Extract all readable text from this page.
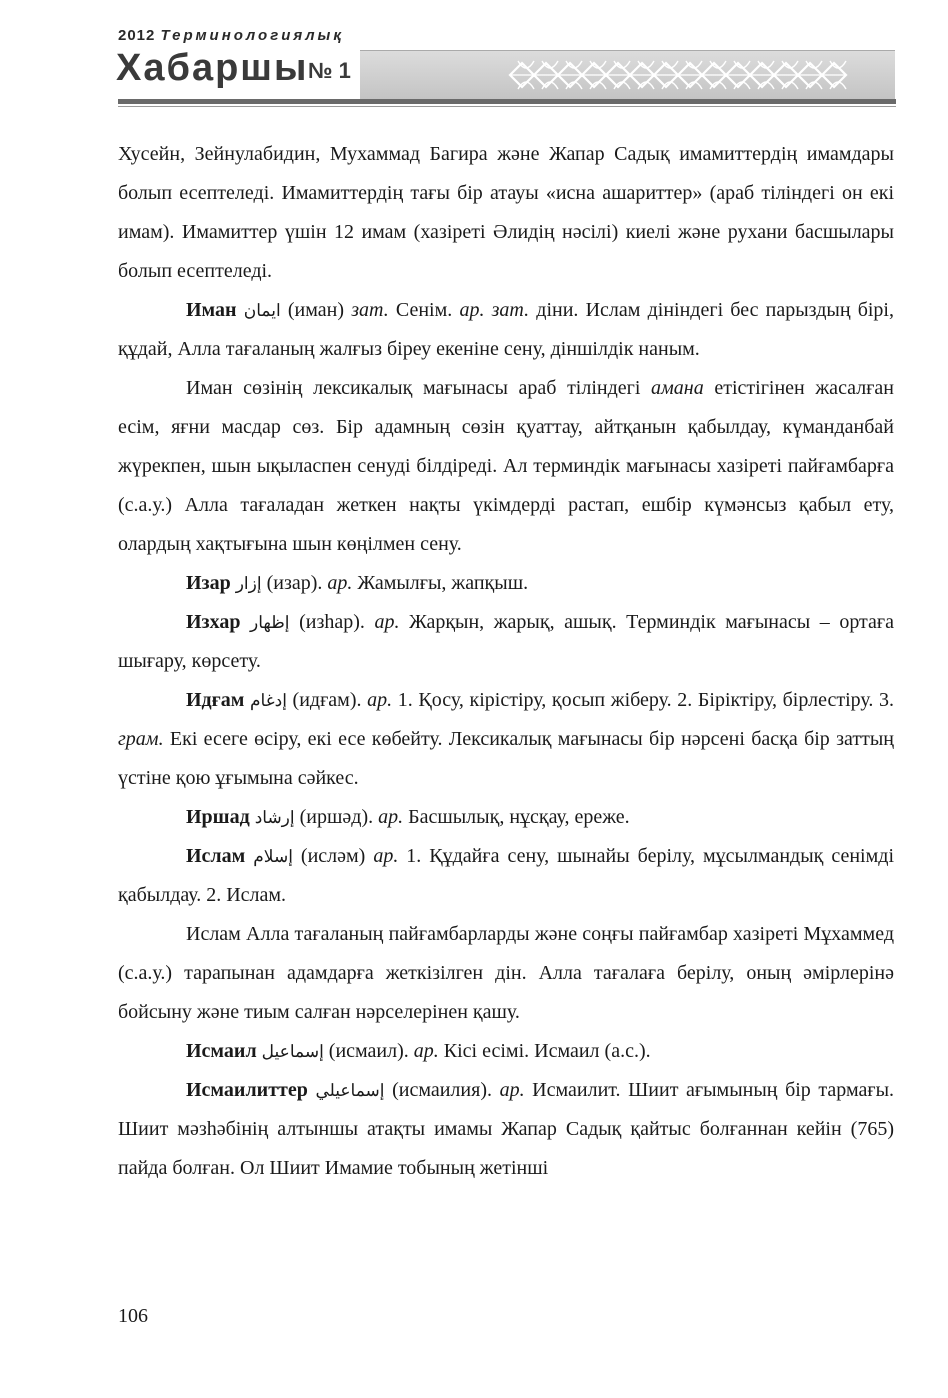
2012 Терминологиялық
Хабаршы № 1

Хусейн, Зейнулабидин, Мухаммад Багира және Жапар Садық имамиттердің имамдары болып есептеледі. Имамиттердің тағы бір атауы «исна ашариттер» (араб тіліндегі он екі имам). Имамиттер үшін 12 имам (хазіреті Әлидің нәсілі) киелі және рухани басшылары болып есептеледі.

Иман ايمان (иман) зат. Сенім. ар. зат. діни. Ислам дініндегі бес парыздың бірі, құдай, Алла тағаланың жалғыз біреу екеніне сену, діншілдік наным.

Иман сөзінің лексикалық мағынасы араб тіліндегі амана етістігінен жасалған есім, яғни масдар сөз. Бір адамның сөзін қуаттау, айтқанын қабылдау, күманданбай жүрекпен, шын ықыласпен сенуді білдіреді. Ал терминдік мағынасы хазіреті пайғамбарға (с.а.у.) Алла тағаладан жеткен нақты үкімдерді растап, ешбір күмәнсыз қабыл ету, олардың хақтығына шын көңілмен сену.

Изар إزار (изар). ар. Жамылғы, жапқыш.

Изхар إظهار (изһар). ар. Жарқын, жарық, ашық. Терминдік мағынасы – ортаға шығару, көрсету.

Идғам إدغام (идғам). ар. 1. Қосу, кірістіру, қосып жіберу. 2. Біріктіру, бірлестіру. 3. грам. Екі есеге өсіру, екі есе көбейту. Лексикалық мағынасы бір нәрсені басқа бір заттың үстіне қою ұғымына сәйкес.

Иршад إرشاد (иршәд). ар. Басшылық, нұсқау, ереже.

Ислам إسلام (исләм) ар. 1. Құдайға сену, шынайы берілу, мұсылмандық сенімді қабылдау. 2. Ислам.

Ислам Алла тағаланың пайғамбарларды және соңғы пайғамбар хазіреті Мұхаммед (с.а.у.) тарапынан адамдарға жеткізілген дін. Алла тағалаға берілу, оның әмірлерінә бойсыну және тиым салған нәрселерінен қашу.

Исмаил إسماعيل (исмаил). ар. Кісі есімі. Исмаил (а.с.).

Исмаилиттер إسماعيلي (исмаилия). ар. Исмаилит. Шиит ағымының бір тармағы. Шиит мәзһәбінің алтыншы атақты имамы Жапар Садық қайтыс болғаннан кейін (765) пайда болған. Ол Шиит Имамие тобының жетінші

106
